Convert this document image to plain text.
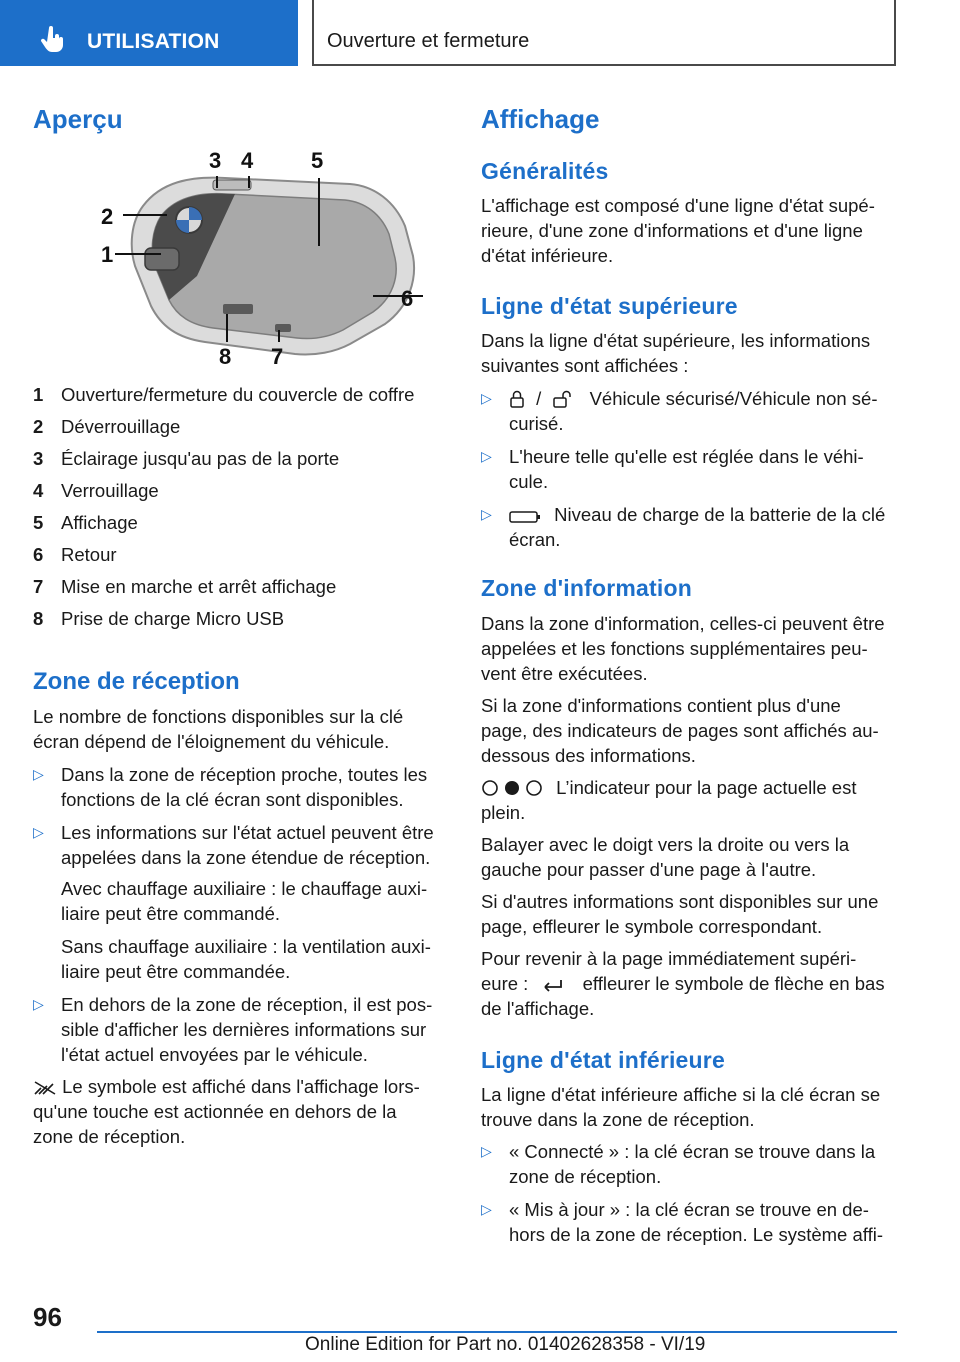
UTILISATION	Ouverture et fermeture
Aperçu
3 4	5
2
1
6
8 7
1 Ouverture/fermeture du couvercle de coffre
2 Déverrouillage
3 Éclairage jusqu'au pas de la porte
4 Verrouillage
5 Affichage
6 Retour
7 Mise en marche et arrêt affichage
8 Prise de charge Micro USB
Zone de réception

Le nombre de fonctions disponibles sur la clé
écran dépend de l'éloignement du véhicule.

▷ Dans la zone de réception proche, toutes les
fonctions de la clé écran sont disponibles.
▷ Les informations sur l'état actuel peuvent être
appelées dans la zone étendue de réception.
Avec chauffage auxiliaire : le chauffage auxi-
liaire peut être commandé.
Sans chauffage auxiliaire : la ventilation auxi-
liaire peut être commandée.
▷ En dehors de la zone de réception, il est pos-
sible d'afficher les dernières informations sur
l'état actuel envoyées par le véhicule.

Le symbole est affiché dans l'affichage lors-
qu'une touche est actionnée en dehors de la
zone de réception.

Affichage
Généralités

L'affichage est composé d'une ligne d'état supé-
rieure, d'une zone d'informations et d'une ligne
d'état inférieure.

Ligne d'état supérieure

Dans la ligne d'état supérieure, les informations
suivantes sont affichées :

▷ /	Véhicule sécurisé/Véhicule non sé-
curisé.
▷ L'heure telle qu'elle est réglée dans le véhi-
cule.
▷	Niveau de charge de la batterie de la clé
écran.
Zone d'information

Dans la zone d'information, celles-ci peuvent être
appelées et les fonctions supplémentaires peu-
vent être exécutées.

Si la zone d'informations contient plus d'une
page, des indicateurs de pages sont affichés au-
dessous des informations.

L’indicateur pour la page actuelle est
plein.

Balayer avec le doigt vers la droite ou vers la
gauche pour passer d'une page à l'autre.

Si d'autres informations sont disponibles sur une
page, effleurer le symbole correspondant.

Pour revenir à la page immédiatement supéri-
eure :	effleurer le symbole de flèche en bas
de l'affichage.

Ligne d'état inférieure

La ligne d'état inférieure affiche si la clé écran se
trouve dans la zone de réception.

▷ « Connecté » : la clé écran se trouve dans la
zone de réception.
▷ « Mis à jour » : la clé écran se trouve en de-
hors de la zone de réception. Le système affi-
96
Online Edition for Part no. 01402628358 - VI/19
